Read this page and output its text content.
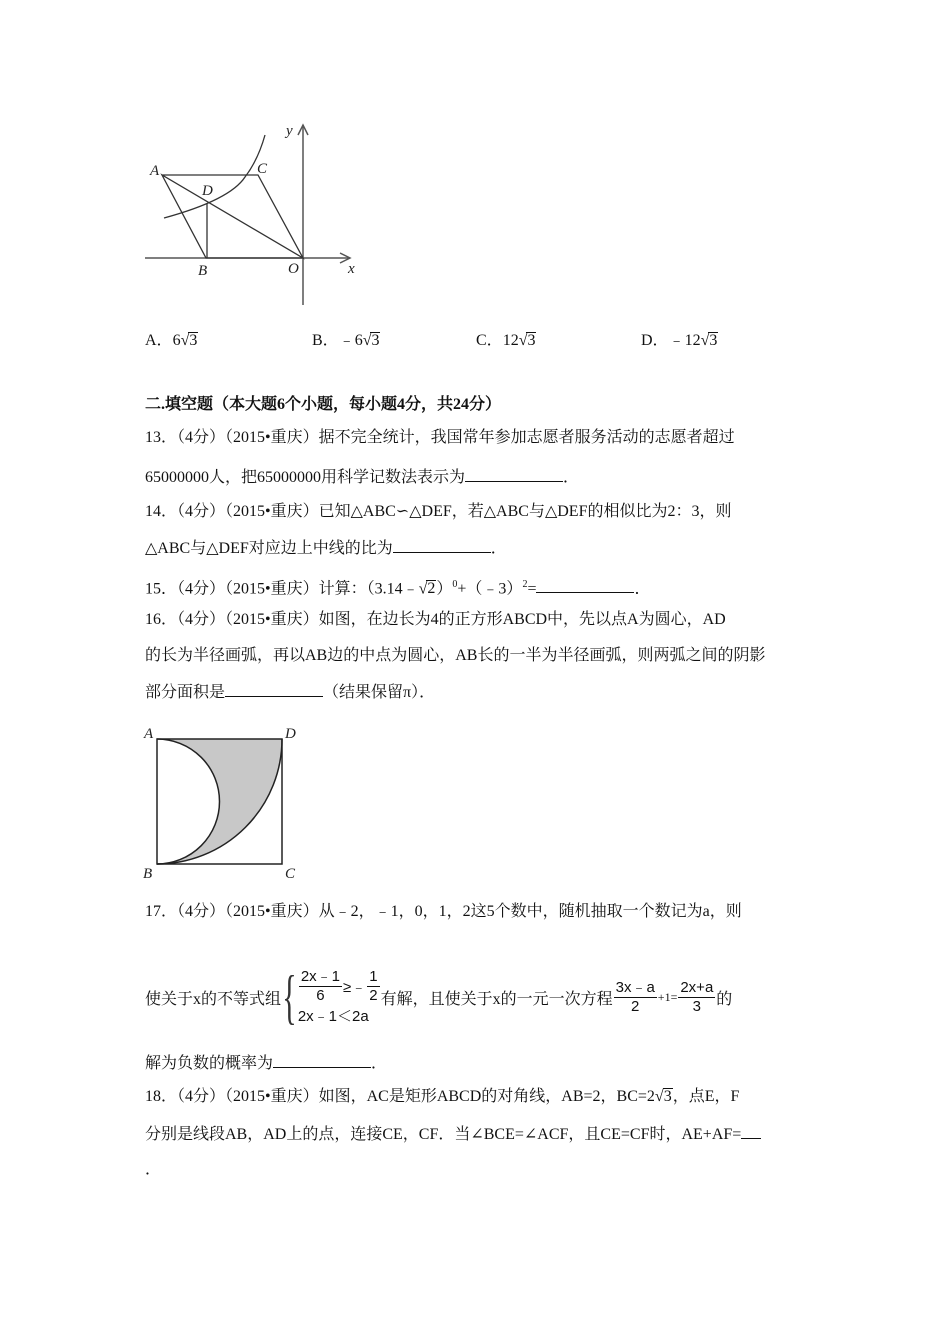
A	C
D
B	O	x
y
A．6√3	B．﹣6√3	C．12√3	D．﹣12√3
二.填空题（本大题6个小题，每小题4分，共24分）
13．（4分）（2015•重庆）据不完全统计，我国常年参加志愿者服务活动的志愿者超过
65000000人，把65000000用科学记数法表示为	．
14．（4分）（2015•重庆）已知△ABC∽△DEF，若△ABC与△DEF的相似比为2：3，则
△ABC与△DEF对应边上中线的比为	．
15．（4分）（2015•重庆）计算：（3.14﹣√2）$^0$+（﹣3）$^2$=	．
16．（4分）（2015•重庆）如图，在边长为4的正方形ABCD中，先以点A为圆心，AD
的长为半径画弧，再以AB边的中点为圆心，AB长的一半为半径画弧，则两弧之间的阴影
部分面积是	（结果保留π）．
A	D
B	C
17．（4分）（2015•重庆）从﹣2，﹣1，0，1，2这5个数中，随机抽取一个数记为a，则
使关于x的不等式组 { $\frac{2x﹣1}{6}$ ≥﹣ $\frac{1}{2}$
2x﹣1＜2a
有解，且使关于x的一元一次方程 $\frac{3x﹣a}{2} +1= \frac{2x+a}{3}$ 的
解为负数的概率为	．
18．（4分）（2015•重庆）如图，AC是矩形ABCD的对角线，AB=2，BC=2√3，点E，F
分别是线段AB，AD上的点，连接CE，CF．当∠BCE=∠ACF，且CE=CF时，AE+AF=
．
